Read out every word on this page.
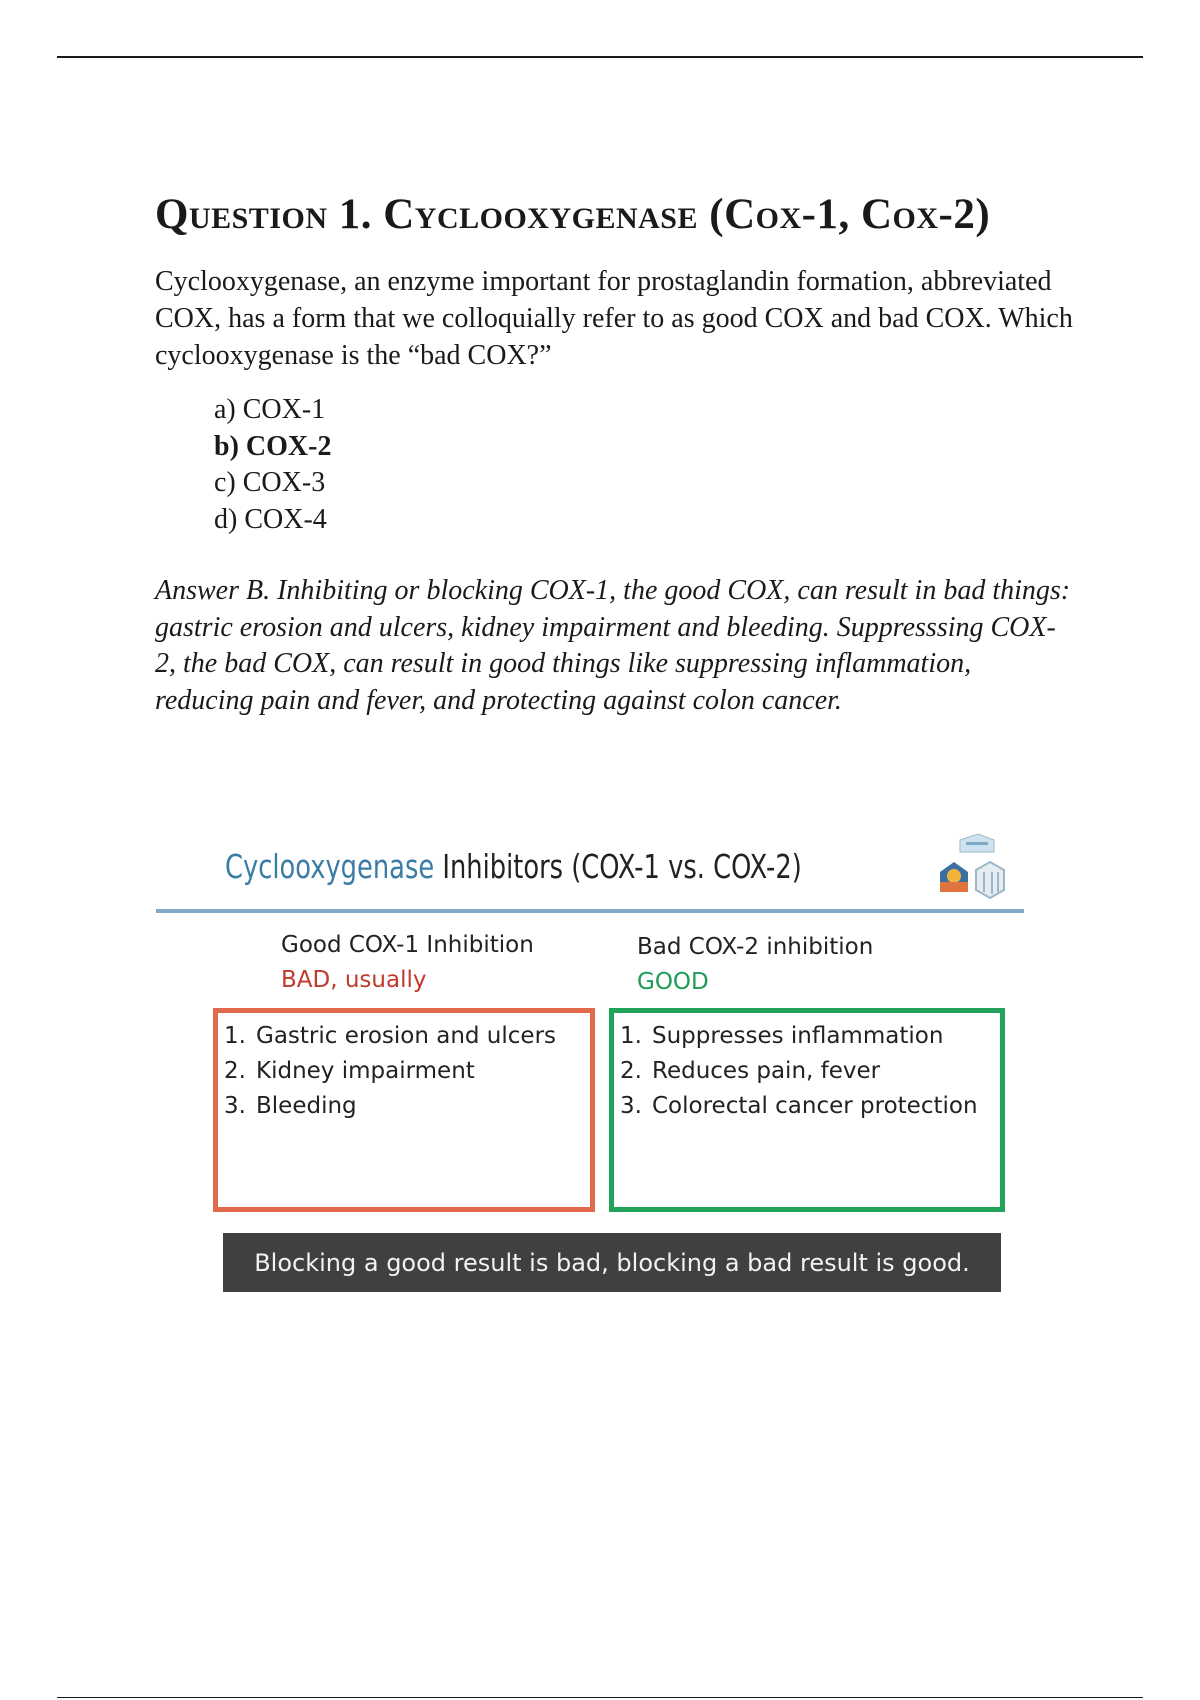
Question 1. Cyclooxygenase (Cox-1, Cox-2)

Cyclooxygenase, an enzyme important for prostaglandin formation, abbreviated COX, has a form that we colloquially refer to as good COX and bad COX. Which cyclooxygenase is the “bad COX?”

a) COX-1
b) COX-2
c) COX-3
d) COX-4

Answer B. Inhibiting or blocking COX-1, the good COX, can result in bad things: gastric erosion and ulcers, kidney impairment and bleeding. Suppresssing COX-2, the bad COX, can result in good things like suppressing inflammation, reducing pain and fever, and protecting against colon cancer.

Cyclooxygenase Inhibitors (COX-1 vs. COX-2)
Good COX-1 Inhibition
BAD, usually
Bad COX-2 inhibition
GOOD
1. Gastric erosion and ulcers
2. Kidney impairment
3. Bleeding
1. Suppresses inflammation
2. Reduces pain, fever
3. Colorectal cancer protection
Blocking a good result is bad, blocking a bad result is good.
